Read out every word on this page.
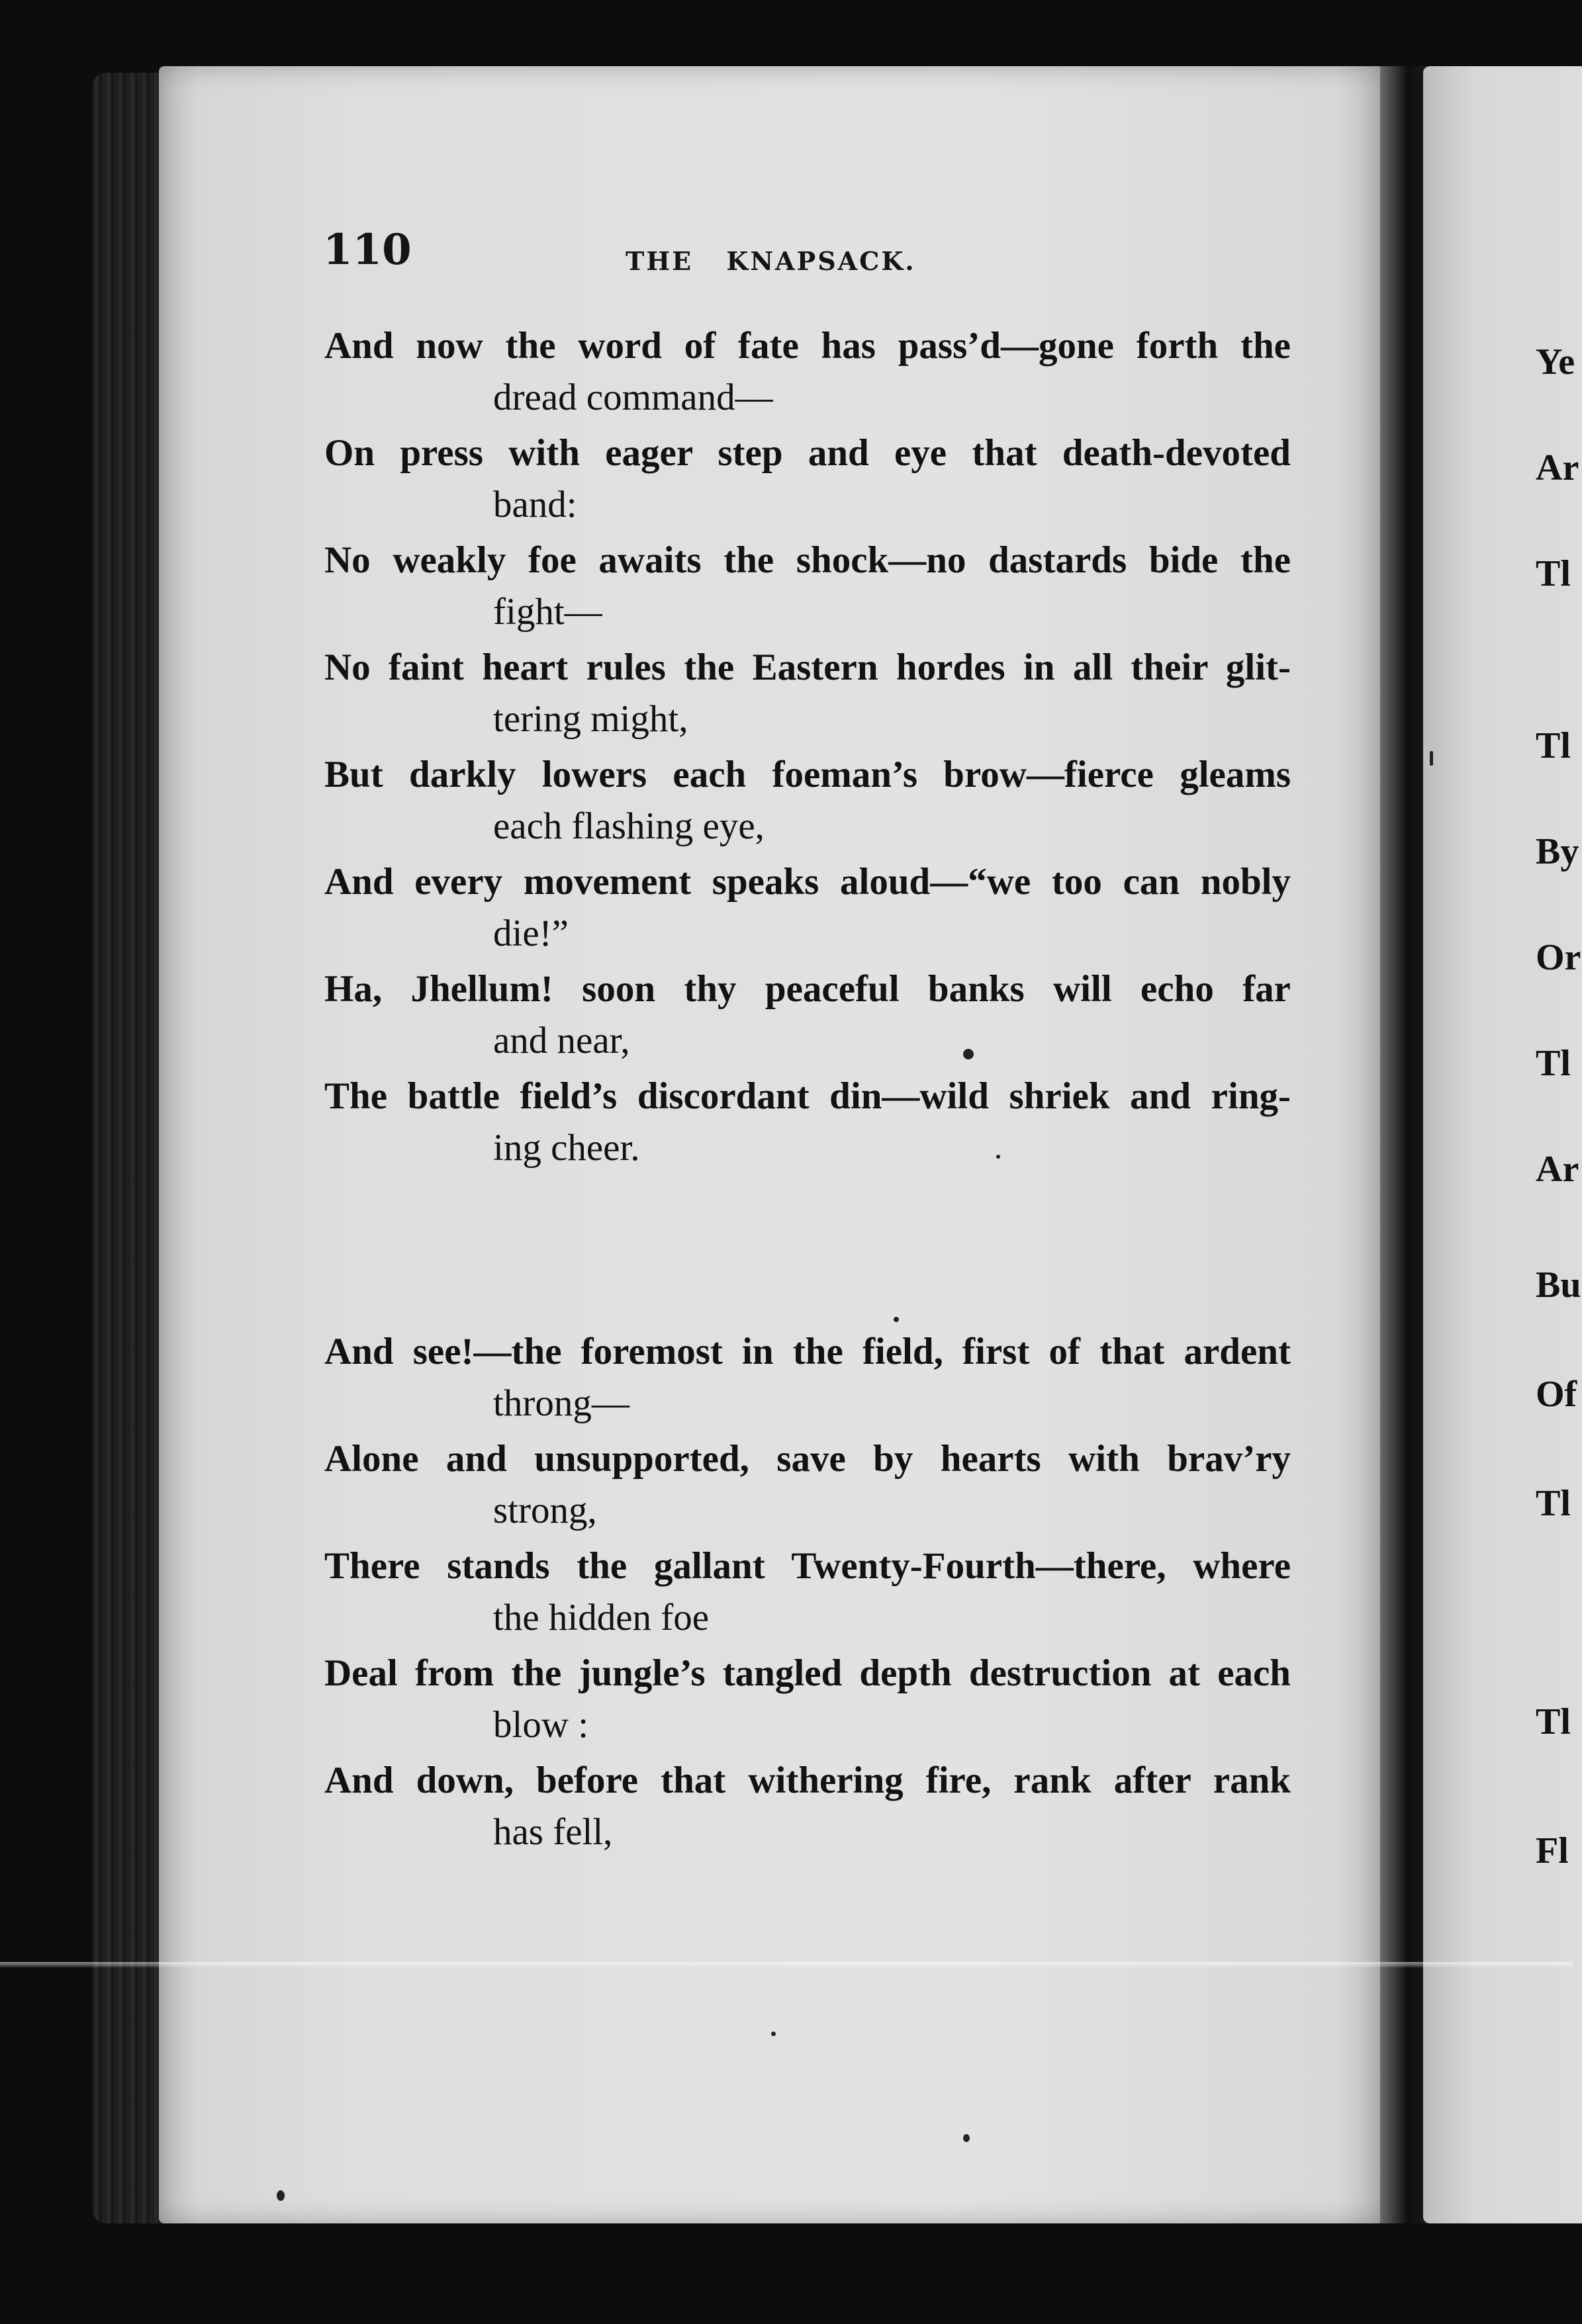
Ye
Ar
Tl
Tl
By
Or
Tl
Ar
Bu
Of
Tl
Tl
Fl
110	THE KNAPSACK.
And now the word of fate has pass’d—gone forth the
dread command—
On press with eager step and eye that death-devoted
band:
No weakly foe awaits the shock—no dastards bide the
fight—
No faint heart rules the Eastern hordes in all their glit-
tering might,
But darkly lowers each foeman’s brow—fierce gleams
each flashing eye,
And every movement speaks aloud—“we too can nobly
die!”
Ha, Jhellum! soon thy peaceful banks will echo far
and near,
The battle field’s discordant din—wild shriek and ring-
ing cheer.
And see!—the foremost in the field, first of that ardent
throng—
Alone and unsupported, save by hearts with brav’ry
strong,
There stands the gallant Twenty-Fourth—there, where
the hidden foe
Deal from the jungle’s tangled depth destruction at each
blow :
And down, before that withering fire, rank after rank
has fell,
